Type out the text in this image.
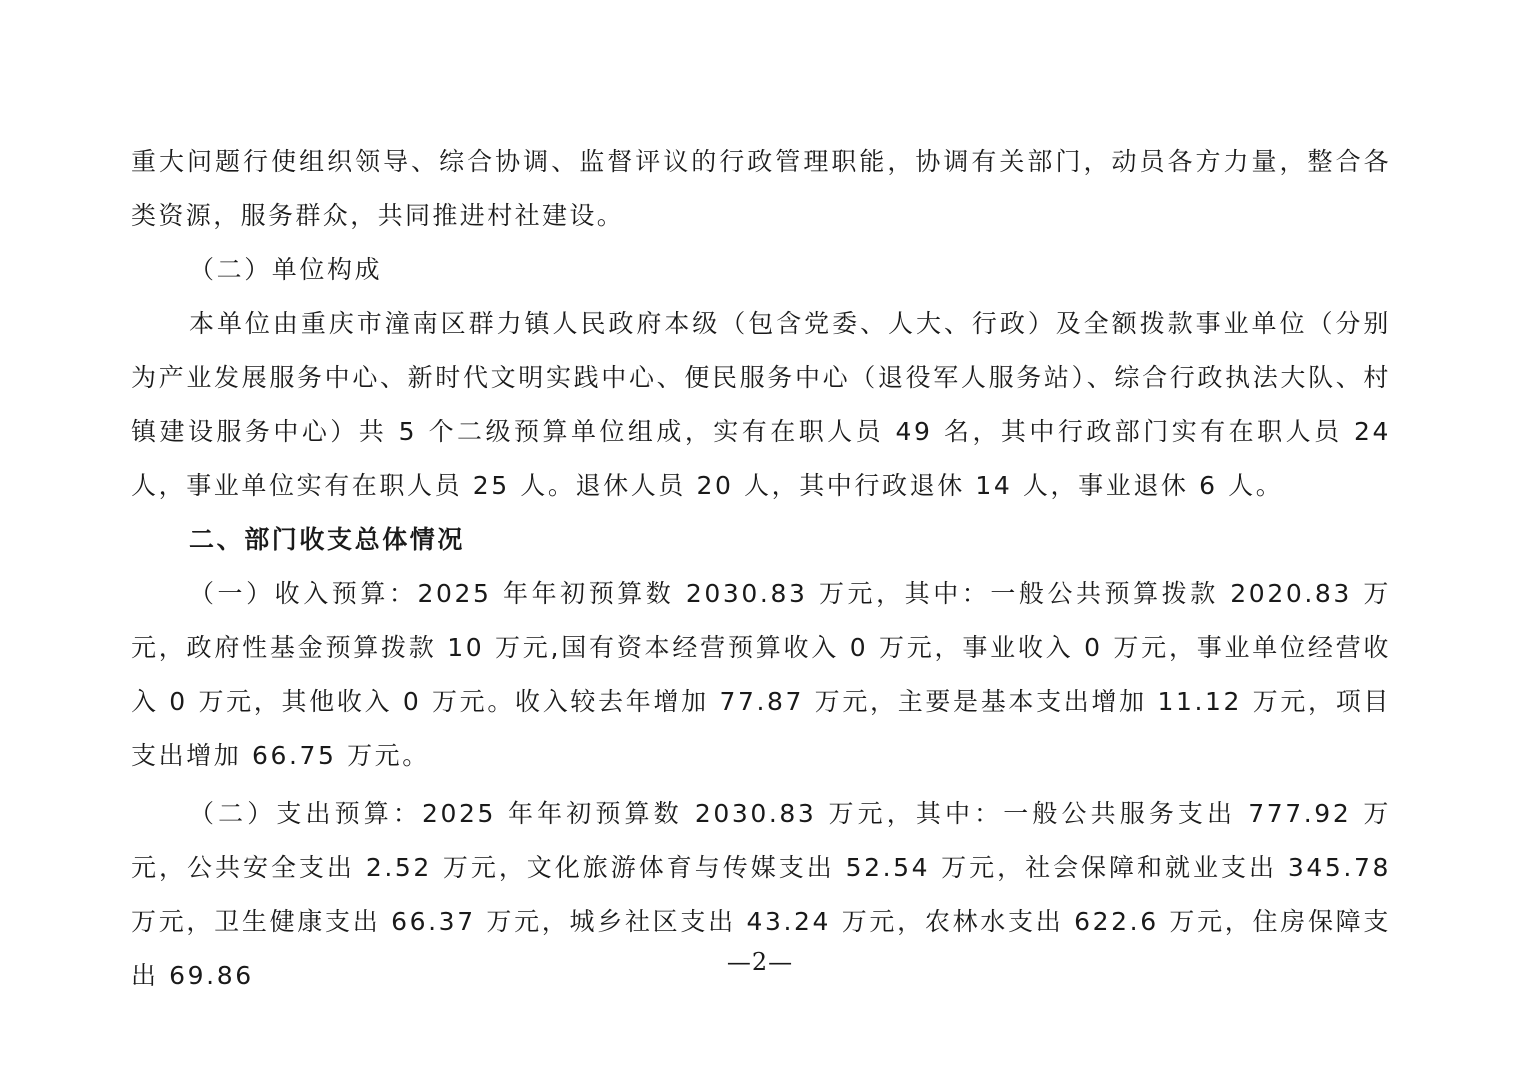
重大问题行使组织领导、综合协调、监督评议的行政管理职能，协调有关部门，动员各方力量，整合各类资源，服务群众，共同推进村社建设。

（二）单位构成

本单位由重庆市潼南区群力镇人民政府本级（包含党委、人大、行政）及全额拨款事业单位（分别为产业发展服务中心、新时代文明实践中心、便民服务中心（退役军人服务站）、综合行政执法大队、村镇建设服务中心）共 5 个二级预算单位组成，实有在职人员 49 名，其中行政部门实有在职人员 24 人，事业单位实有在职人员 25 人。退休人员 20 人，其中行政退休 14 人，事业退休 6 人。

二、部门收支总体情况

（一）收入预算：2025 年年初预算数 2030.83 万元，其中：一般公共预算拨款 2020.83 万元，政府性基金预算拨款 10 万元,国有资本经营预算收入 0 万元，事业收入 0 万元，事业单位经营收入 0 万元，其他收入 0 万元。收入较去年增加 77.87 万元，主要是基本支出增加 11.12 万元，项目支出增加 66.75 万元。

（二）支出预算：2025 年年初预算数 2030.83 万元，其中：一般公共服务支出 777.92 万元，公共安全支出 2.52 万元，文化旅游体育与传媒支出 52.54 万元，社会保障和就业支出 345.78 万元，卫生健康支出 66.37 万元，城乡社区支出 43.24 万元，农林水支出 622.6 万元，住房保障支出 69.86	—2—
